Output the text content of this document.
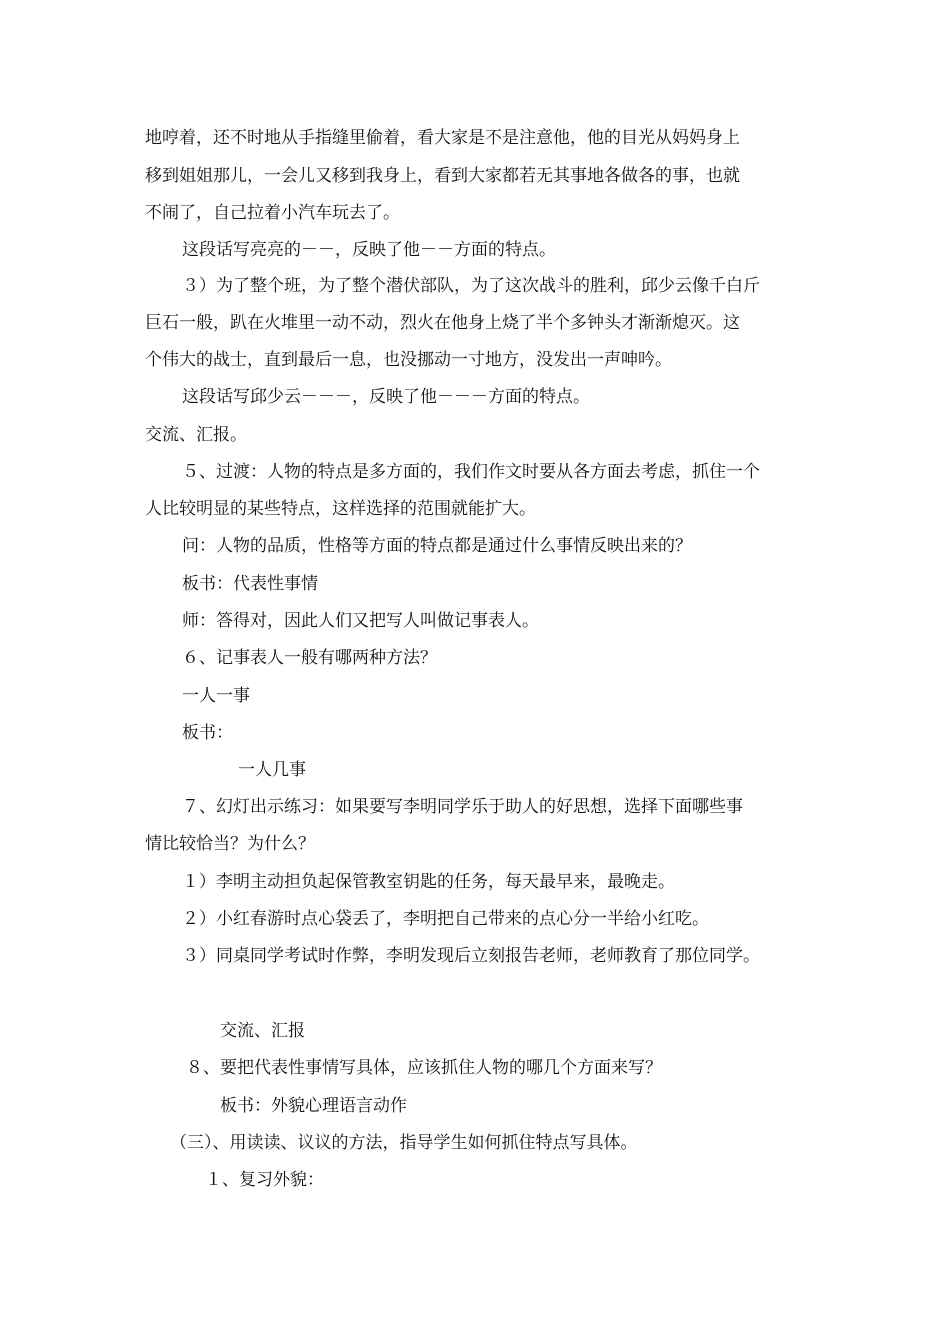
地哼着，还不时地从手指缝里偷着，看大家是不是注意他，他的目光从妈妈身上
移到姐姐那儿，一会儿又移到我身上，看到大家都若无其事地各做各的事，也就
不闹了，自己拉着小汽车玩去了。
这段话写亮亮的－－，反映了他－－方面的特点。
３）为了整个班，为了整个潜伏部队，为了这次战斗的胜利，邱少云像千白斤
巨石一般，趴在火堆里一动不动，烈火在他身上烧了半个多钟头才渐渐熄灭。这
个伟大的战士，直到最后一息，也没挪动一寸地方，没发出一声呻吟。
这段话写邱少云－－－，反映了他－－－方面的特点。
交流、汇报。
５、过渡：人物的特点是多方面的，我们作文时要从各方面去考虑，抓住一个
人比较明显的某些特点，这样选择的范围就能扩大。
问：人物的品质，性格等方面的特点都是通过什么事情反映出来的？
板书：代表性事情
师：答得对，因此人们又把写人叫做记事表人。
６、记事表人一般有哪两种方法？
一人一事
板书：
一人几事
７、幻灯出示练习：如果要写李明同学乐于助人的好思想，选择下面哪些事
情比较恰当？为什么？
１）李明主动担负起保管教室钥匙的任务，每天最早来，最晚走。
２）小红春游时点心袋丢了，李明把自己带来的点心分一半给小红吃。
３）同桌同学考试时作弊，李明发现后立刻报告老师，老师教育了那位同学。
交流、汇报
８、要把代表性事情写具体，应该抓住人物的哪几个方面来写？
板书：外貌心理语言动作
（三）、用读读、议议的方法，指导学生如何抓住特点写具体。
１、复习外貌：
